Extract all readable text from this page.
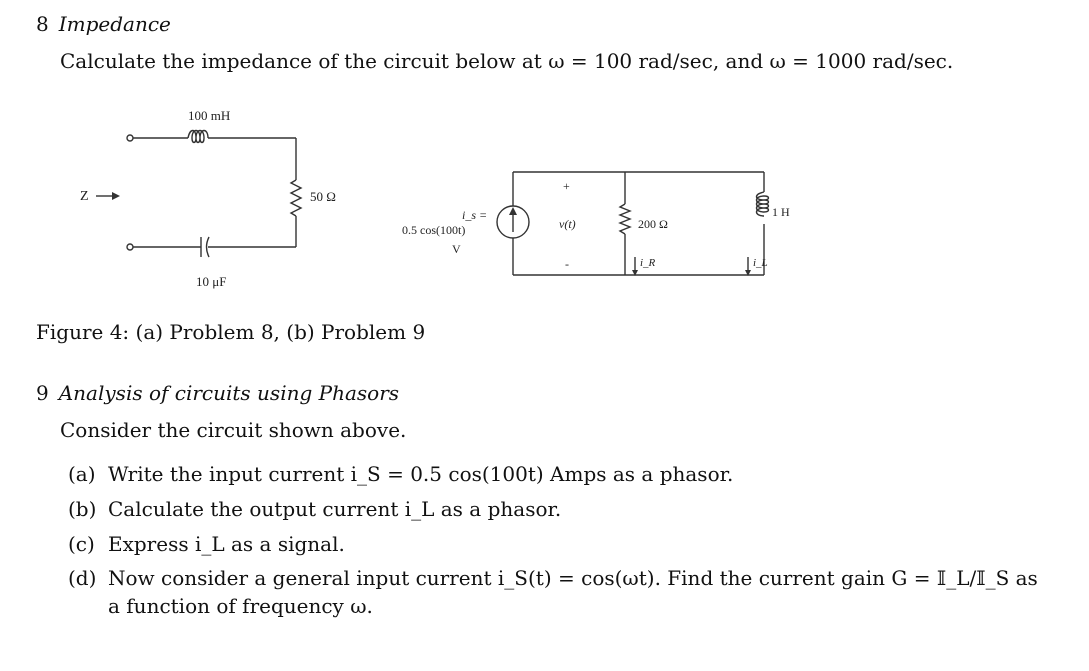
8 Impedance
Calculate the impedance of the circuit below at ω = 100 rad/sec, and ω = 1000 rad/sec.
100 mH
50 Ω
10 μF
Z
i_s =
0.5 cos(100t)
V
v(t)
+
-
200 Ω
i_R
1 H
i_L
Figure 4: (a) Problem 8, (b) Problem 9
9 Analysis of circuits using Phasors
Consider the circuit shown above.
(a) Write the input current i_S = 0.5 cos(100t) Amps as a phasor.
(b) Calculate the output current i_L as a phasor.
(c) Express i_L as a signal.
(d) Now consider a general input current i_S(t) = cos(ωt). Find the current gain G = 𝕀_L/𝕀_S as
a function of frequency ω.
